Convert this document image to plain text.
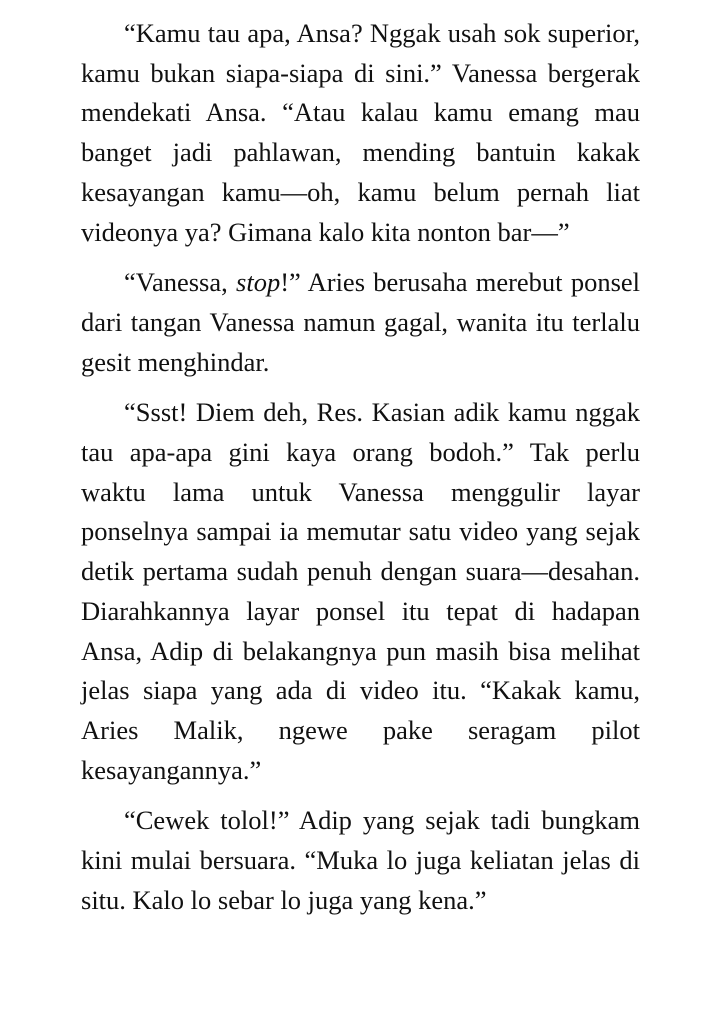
“Kamu tau apa, Ansa? Nggak usah sok superior, kamu bukan siapa-siapa di sini.” Vanessa bergerak mendekati Ansa. “Atau kalau kamu emang mau banget jadi pahlawan, mending bantuin kakak kesayangan kamu—oh, kamu belum pernah liat videonya ya? Gimana kalo kita nonton bar—”

“Vanessa, stop!” Aries berusaha merebut ponsel dari tangan Vanessa namun gagal, wanita itu terlalu gesit menghindar.

“Ssst! Diem deh, Res. Kasian adik kamu nggak tau apa-apa gini kaya orang bodoh.” Tak perlu waktu lama untuk Vanessa menggulir layar ponselnya sampai ia memutar satu video yang sejak detik pertama sudah penuh dengan suara—desahan. Diarahkannya layar ponsel itu tepat di hadapan Ansa, Adip di belakangnya pun masih bisa melihat jelas siapa yang ada di video itu. “Kakak kamu, Aries Malik, ngewe pake seragam pilot kesayangannya.”

“Cewek tolol!” Adip yang sejak tadi bungkam kini mulai bersuara. “Muka lo juga keliatan jelas di situ. Kalo lo sebar lo juga yang kena.”
